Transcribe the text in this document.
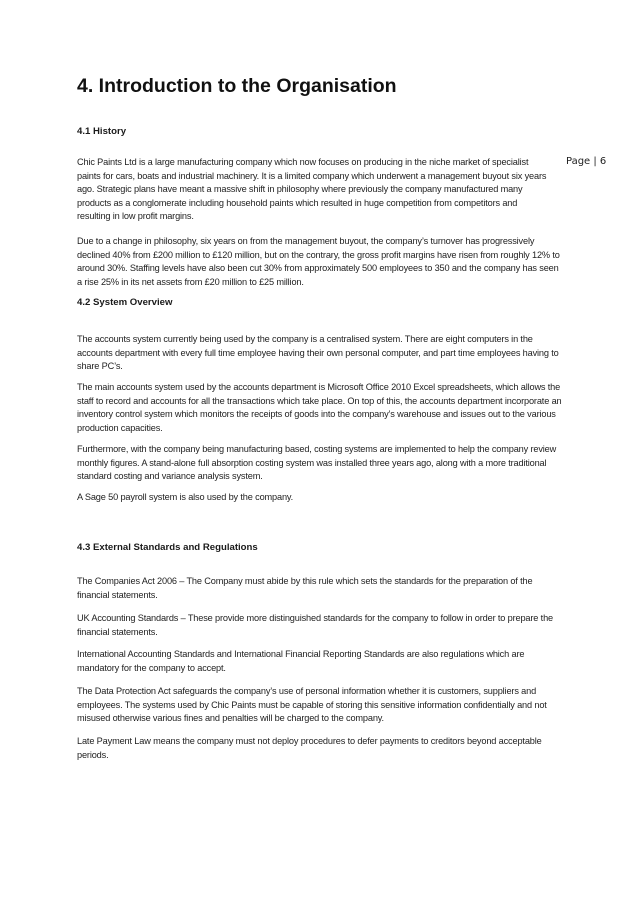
4. Introduction to the Organisation
Page | 6
4.1 History

Chic Paints Ltd is a large manufacturing company which now focuses on producing in the niche market of specialist paints for cars, boats and industrial machinery. It is a limited company which underwent a management buyout six years ago. Strategic plans have meant a massive shift in philosophy where previously the company manufactured many products as a conglomerate including household paints which resulted in huge competition from competitors and resulting in low profit margins.

Due to a change in philosophy, six years on from the management buyout, the company’s turnover has progressively declined 40% from £200 million to £120 million, but on the contrary, the gross profit margins have risen from roughly 12% to around 30%. Staffing levels have also been cut 30% from approximately 500 employees to 350 and the company has seen a rise 25% in its net assets from £20 million to £25 million.

4.2 System Overview

The accounts system currently being used by the company is a centralised system. There are eight computers in the accounts department with every full time employee having their own personal computer, and part time employees having to share PC’s.

The main accounts system used by the accounts department is Microsoft Office 2010 Excel spreadsheets, which allows the staff to record and accounts for all the transactions which take place. On top of this, the accounts department incorporate an inventory control system which monitors the receipts of goods into the company’s warehouse and issues out to the various production capacities.

Furthermore, with the company being manufacturing based, costing systems are implemented to help the company review monthly figures. A stand-alone full absorption costing system was installed three years ago, along with a more traditional standard costing and variance analysis system.

A Sage 50 payroll system is also used by the company.

4.3 External Standards and Regulations

The Companies Act 2006 – The Company must abide by this rule which sets the standards for the preparation of the financial statements.

UK Accounting Standards – These provide more distinguished standards for the company to follow in order to prepare the financial statements.

International Accounting Standards and International Financial Reporting Standards are also regulations which are mandatory for the company to accept.

The Data Protection Act safeguards the company’s use of personal information whether it is customers, suppliers and employees. The systems used by Chic Paints must be capable of storing this sensitive information confidentially and not misused otherwise various fines and penalties will be charged to the company.

Late Payment Law means the company must not deploy procedures to defer payments to creditors beyond acceptable periods.
